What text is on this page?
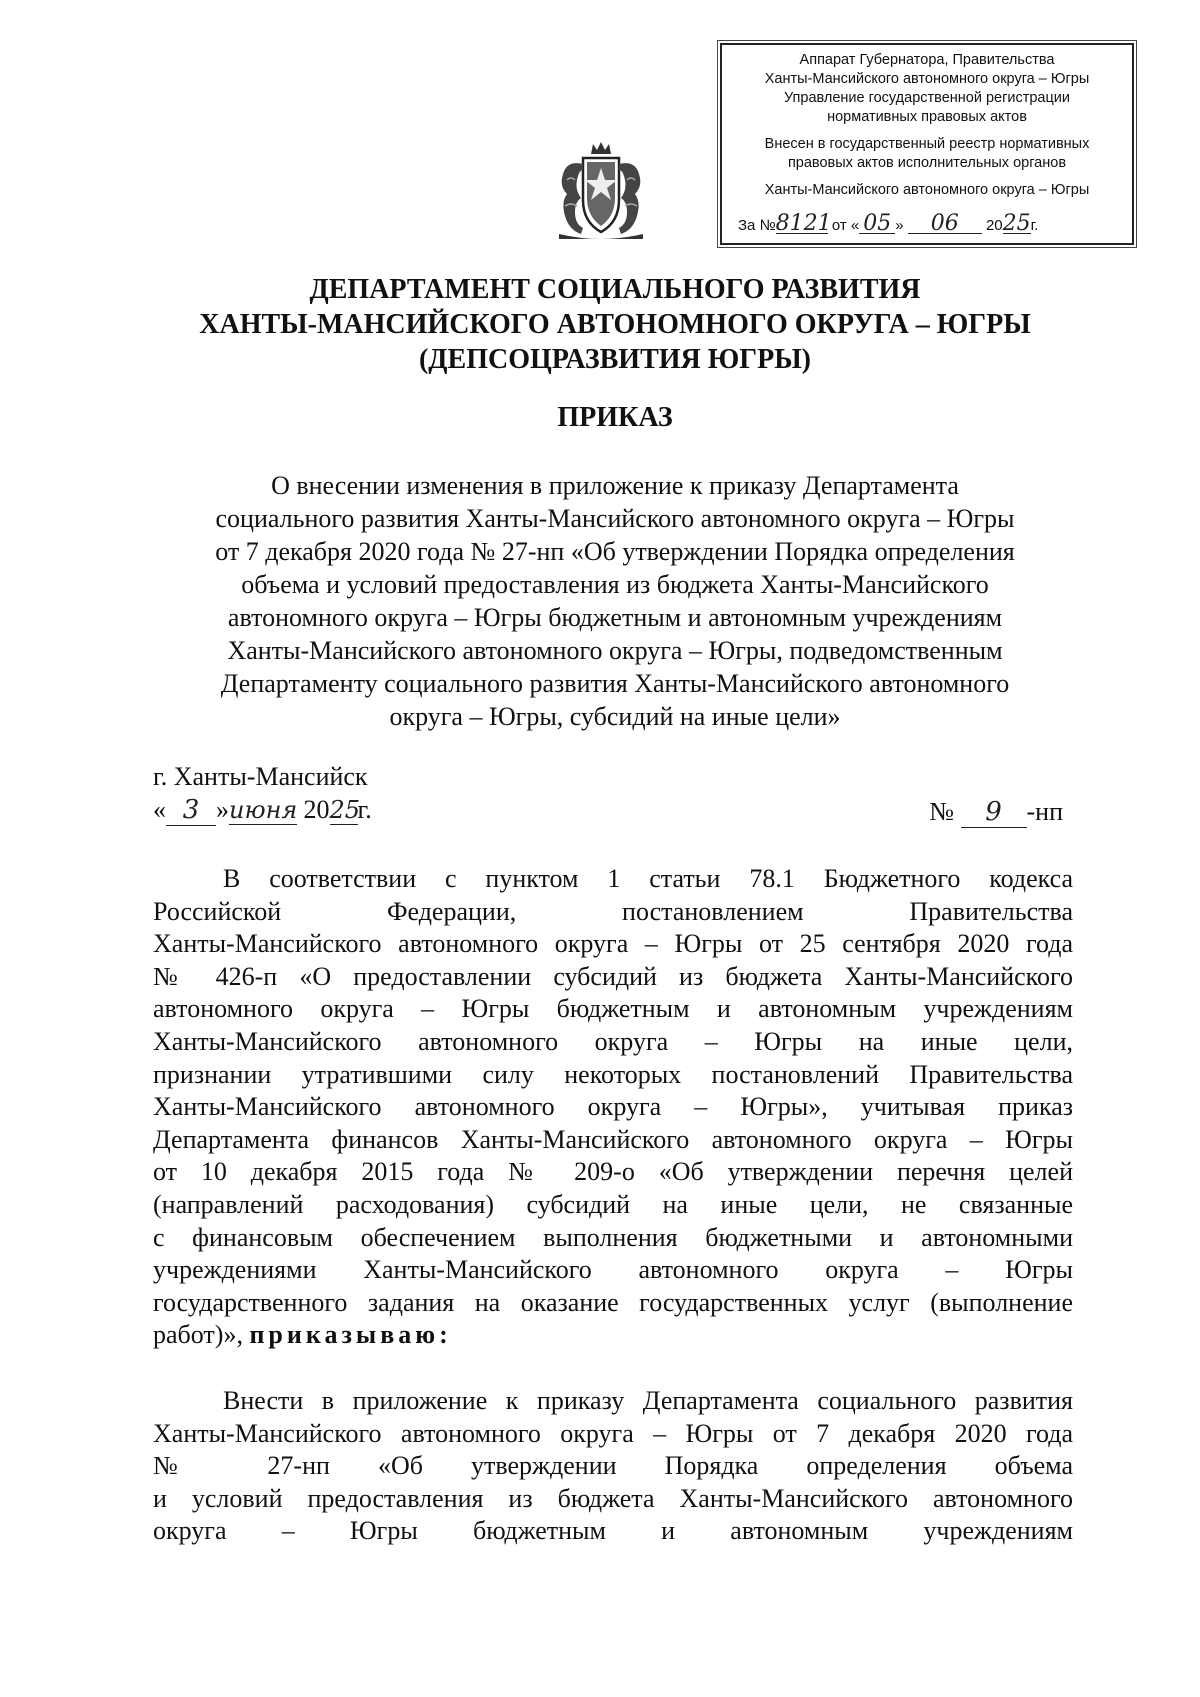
Аппарат Губернатора, Правительства
Ханты-Мансийского автономного округа – Югры
Управление государственной регистрации
нормативных правовых актов
Внесен в государственный реестр нормативных
правовых актов исполнительных органов
Ханты-Мансийского автономного округа – Югры
За №8121 от « 05 » 06 2025г.
ДЕПАРТАМЕНТ СОЦИАЛЬНОГО РАЗВИТИЯ
ХАНТЫ-МАНСИЙСКОГО АВТОНОМНОГО ОКРУГА – ЮГРЫ
(ДЕПСОЦРАЗВИТИЯ ЮГРЫ)
ПРИКАЗ
О внесении изменения в приложение к приказу Департамента
социального развития Ханты-Мансийского автономного округа – Югры
от 7 декабря 2020 года № 27-нп «Об утверждении Порядка определения
объема и условий предоставления из бюджета Ханты-Мансийского
автономного округа – Югры бюджетным и автономным учреждениям
Ханты-Мансийского автономного округа – Югры, подведомственным
Департаменту социального развития Ханты-Мансийского автономного
округа – Югры, субсидий на иные цели»
г. Ханты-Мансийск
« 3 »июня 2025г.	№ 9 -нп
В соответствии с пунктом 1 статьи 78.1 Бюджетного кодекса
Российской Федерации, постановлением Правительства
Ханты-Мансийского автономного округа – Югры от 25 сентября 2020 года
№ 426-п «О предоставлении субсидий из бюджета Ханты-Мансийского
автономного округа – Югры бюджетным и автономным учреждениям
Ханты-Мансийского автономного округа – Югры на иные цели,
признании утратившими силу некоторых постановлений Правительства
Ханты-Мансийского автономного округа – Югры», учитывая приказ
Департамента финансов Ханты-Мансийского автономного округа – Югры
от 10 декабря 2015 года № 209-о «Об утверждении перечня целей
(направлений расходования) субсидий на иные цели, не связанные
с финансовым обеспечением выполнения бюджетными и автономными
учреждениями Ханты-Мансийского автономного округа – Югры
государственного задания на оказание государственных услуг (выполнение
работ)», приказываю:
Внести в приложение к приказу Департамента социального развития
Ханты-Мансийского автономного округа – Югры от 7 декабря 2020 года
№ 27-нп «Об утверждении Порядка определения объема
и условий предоставления из бюджета Ханты-Мансийского автономного
округа – Югры бюджетным и автономным учреждениям
